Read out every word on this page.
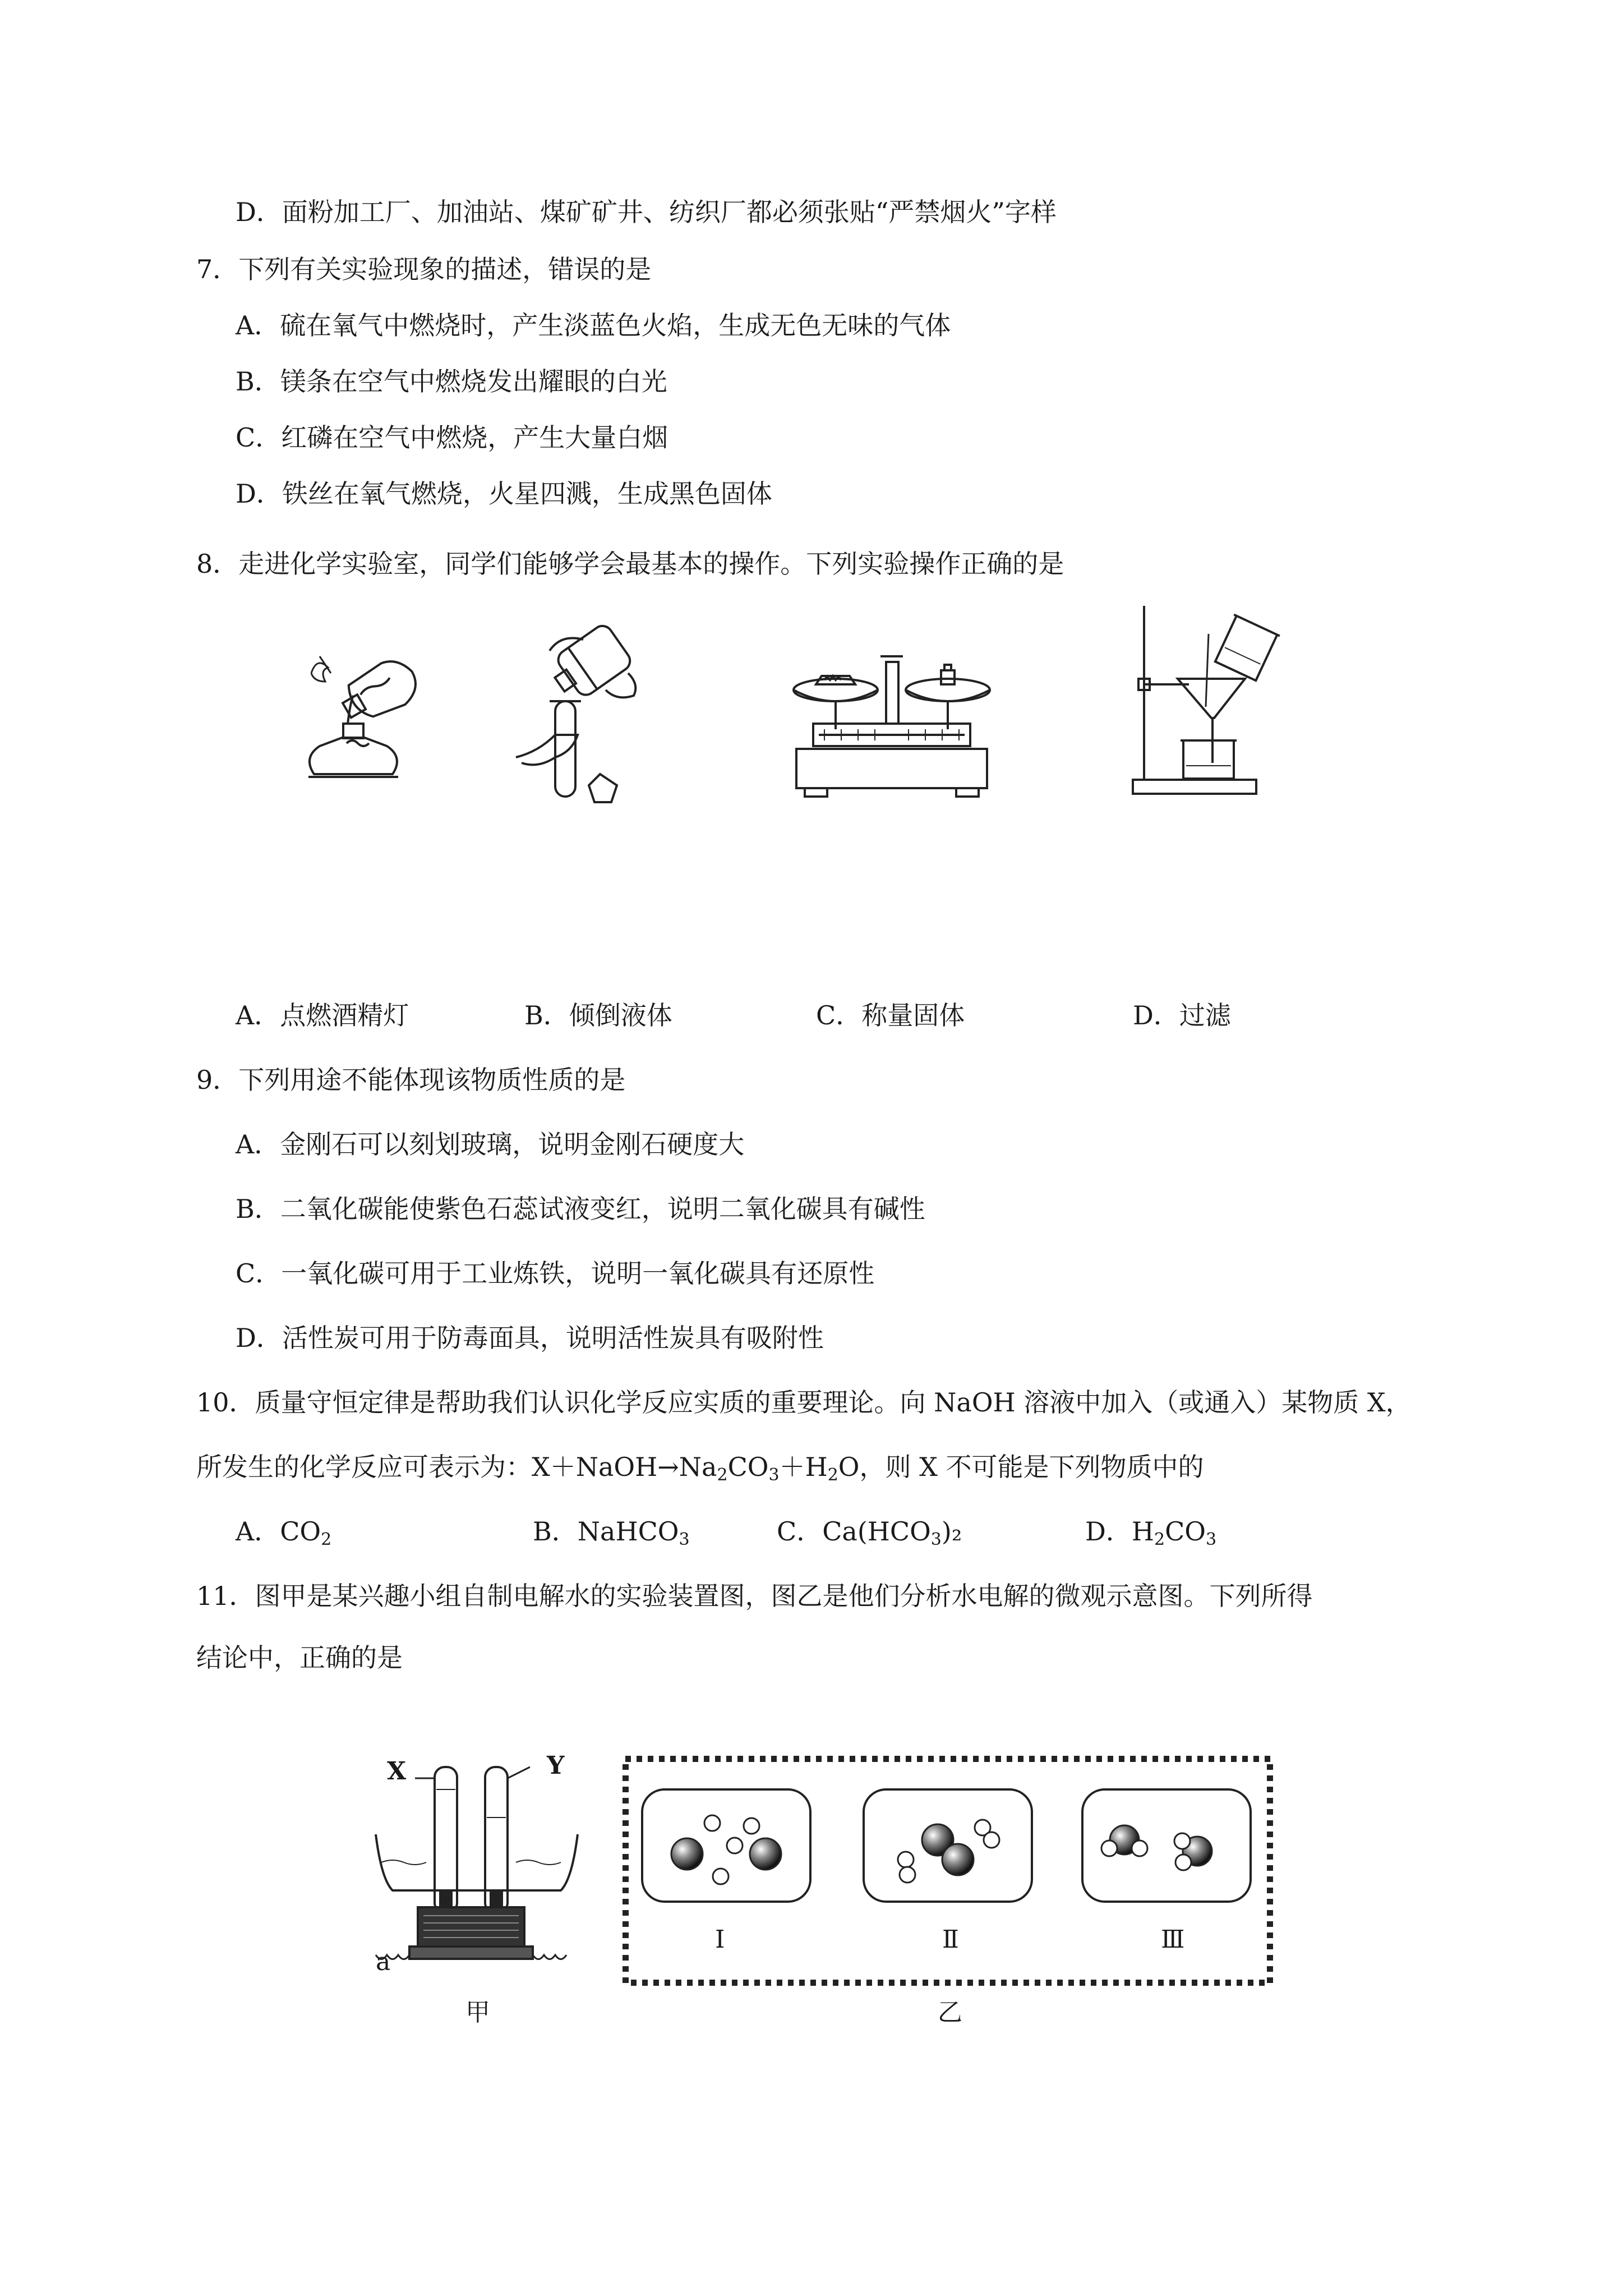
D．面粉加工厂、加油站、煤矿矿井、纺织厂都必须张贴“严禁烟火”字样
7．下列有关实验现象的描述，错误的是
A．硫在氧气中燃烧时，产生淡蓝色火焰，生成无色无味的气体
B．镁条在空气中燃烧发出耀眼的白光
C．红磷在空气中燃烧，产生大量白烟
D．铁丝在氧气燃烧，火星四溅，生成黑色固体
8．走进化学实验室，同学们能够学会最基本的操作。下列实验操作正确的是
A．点燃酒精灯	B．倾倒液体	C．称量固体	D．过滤
9．下列用途不能体现该物质性质的是
A．金刚石可以刻划玻璃，说明金刚石硬度大
B．二氧化碳能使紫色石蕊试液变红，说明二氧化碳具有碱性
C．一氧化碳可用于工业炼铁，说明一氧化碳具有还原性
D．活性炭可用于防毒面具，说明活性炭具有吸附性
10．质量守恒定律是帮助我们认识化学反应实质的重要理论。向 NaOH 溶液中加入（或通入）某物质 X，
所发生的化学反应可表示为：$X+NaOH\to Na_2CO_3+H_2O$，则 X 不可能是下列物质中的
A．$CO_2$	B．NaHCO$_3$	C．$Ca(HCO_3)_2$	D．$H_2CO_3$
11．图甲是某兴趣小组自制电解水的实验装置图，图乙是他们分析水电解的微观示意图。下列所得
结论中，正确的是
X	Y
a
甲
Ⅰ	Ⅱ	Ⅲ
乙
